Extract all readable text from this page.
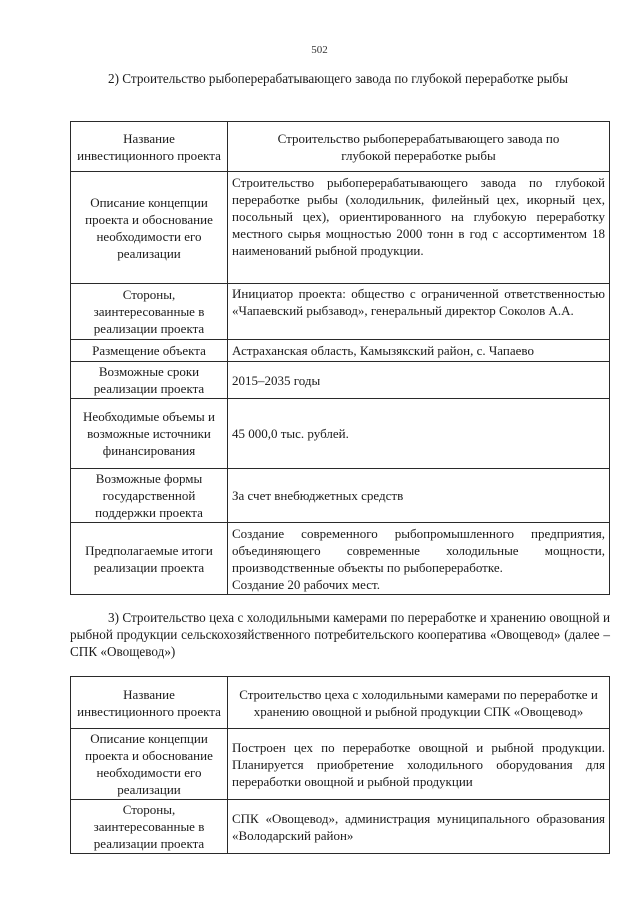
502
2) Строительство рыбоперерабатывающего завода по глубокой переработке рыбы
Название инвестиционного проекта	Строительство рыбоперерабатывающего завода по глубокой переработке рыбы
Описание концепции проекта и обоснование необходимости его реализации	Строительство рыбоперерабатывающего завода по глубокой переработке рыбы (холодильник, филейный цех, икорный цех, посольный цех), ориентированного на глубокую переработку местного сырья мощностью 2000 тонн в год с ассортиментом 18 наименований рыбной продукции.
Стороны, заинтересованные в реализации проекта	Инициатор проекта: общество с ограниченной ответственностью «Чапаевский рыбзавод», генеральный директор Соколов А.А.
Размещение объекта	Астраханская область, Камызякский район, с. Чапаево
Возможные сроки реализации проекта	2015–2035 годы
Необходимые объемы и возможные источники финансирования	45 000,0 тыс. рублей.
Возможные формы государственной поддержки проекта	За счет внебюджетных средств
Предполагаемые итоги реализации проекта	Создание современного рыбопромышленного предприятия, объединяющего современные холодильные мощности, производственные объекты по рыбопереработке.
Создание 20 рабочих мест.
3) Строительство цеха с холодильными камерами по переработке и хранению овощной и рыбной продукции сельскохозяйственного потребительского кооператива «Овощевод» (далее – СПК «Овощевод»)
Название инвестиционного проекта	Строительство цеха с холодильными камерами по переработке и хранению овощной и рыбной продукции СПК «Овощевод»
Описание концепции проекта и обоснование необходимости его реализации	Построен цех по переработке овощной и рыбной продукции. Планируется приобретение холодильного оборудования для переработки овощной и рыбной продукции
Стороны, заинтересованные в реализации проекта	СПК «Овощевод», администрация муниципального образования «Володарский район»
